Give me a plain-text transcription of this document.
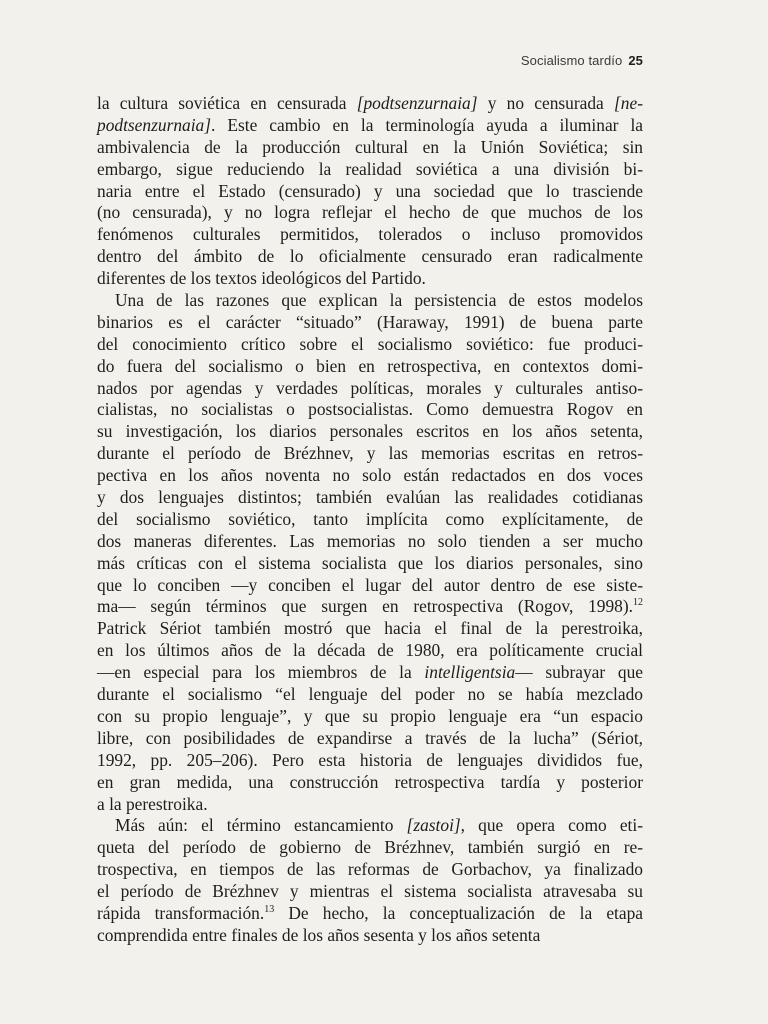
Socialismo tardío 25
la cultura soviética en censurada [podtsenzurnaia] y no censurada [ne-
podtsenzurnaia]. Este cambio en la terminología ayuda a iluminar la
ambivalencia de la producción cultural en la Unión Soviética; sin
embargo, sigue reduciendo la realidad soviética a una división bi-
naria entre el Estado (censurado) y una sociedad que lo trasciende
(no censurada), y no logra reflejar el hecho de que muchos de los
fenómenos culturales permitidos, tolerados o incluso promovidos
dentro del ámbito de lo oficialmente censurado eran radicalmente
diferentes de los textos ideológicos del Partido.
Una de las razones que explican la persistencia de estos modelos
binarios es el carácter “situado” (Haraway, 1991) de buena parte
del conocimiento crítico sobre el socialismo soviético: fue produci-
do fuera del socialismo o bien en retrospectiva, en contextos domi-
nados por agendas y verdades políticas, morales y culturales antiso-
cialistas, no socialistas o postsocialistas. Como demuestra Rogov en
su investigación, los diarios personales escritos en los años setenta,
durante el período de Brézhnev, y las memorias escritas en retros-
pectiva en los años noventa no solo están redactados en dos voces
y dos lenguajes distintos; también evalúan las realidades cotidianas
del socialismo soviético, tanto implícita como explícitamente, de
dos maneras diferentes. Las memorias no solo tienden a ser mucho
más críticas con el sistema socialista que los diarios personales, sino
que lo conciben —y conciben el lugar del autor dentro de ese siste-
ma— según términos que surgen en retrospectiva (Rogov, 1998).$^{12}$
Patrick Sériot también mostró que hacia el final de la perestroika,
en los últimos años de la década de 1980, era políticamente crucial
—en especial para los miembros de la intelligentsia— subrayar que
durante el socialismo “el lenguaje del poder no se había mezclado
con su propio lenguaje”, y que su propio lenguaje era “un espacio
libre, con posibilidades de expandirse a través de la lucha” (Sériot,
1992, pp. 205–206). Pero esta historia de lenguajes divididos fue,
en gran medida, una construcción retrospectiva tardía y posterior
a la perestroika.
Más aún: el término estancamiento [zastoi], que opera como eti-
queta del período de gobierno de Brézhnev, también surgió en re-
trospectiva, en tiempos de las reformas de Gorbachov, ya finalizado
el período de Brézhnev y mientras el sistema socialista atravesaba su
rápida transformación.$^{13}$ De hecho, la conceptualización de la etapa
comprendida entre finales de los años sesenta y los años setenta
